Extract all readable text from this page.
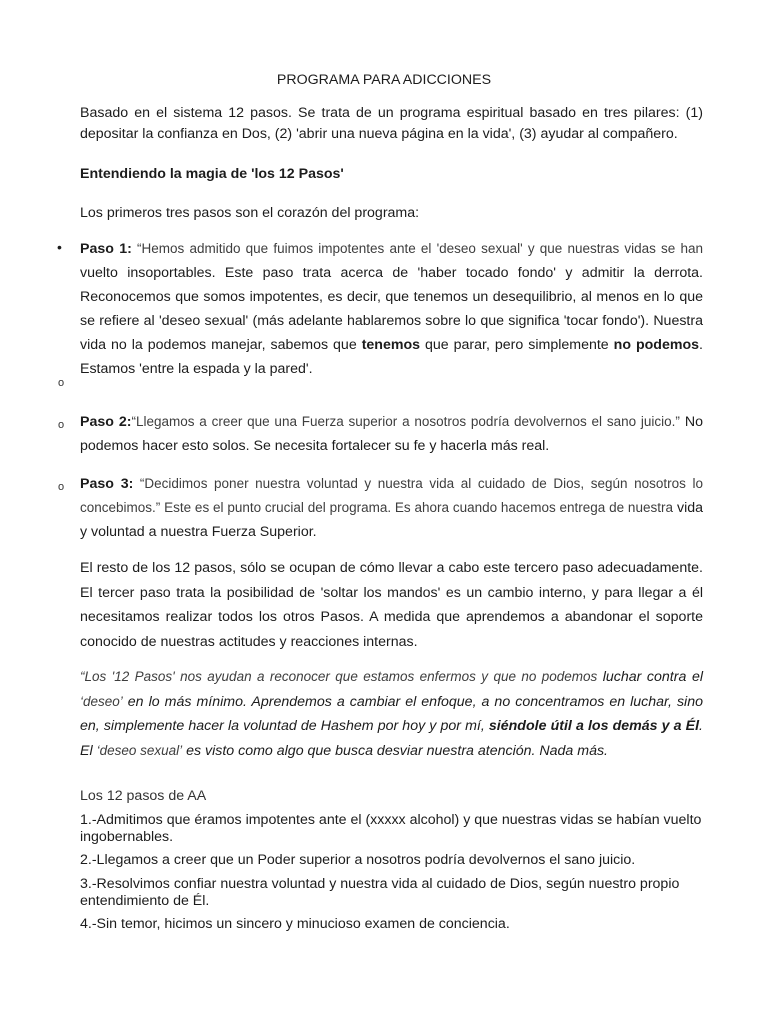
PROGRAMA PARA ADICCIONES
Basado en el sistema 12 pasos. Se trata de un programa espiritual basado en tres pilares: (1) depositar la confianza en Dos, (2) 'abrir una nueva página en la vida', (3) ayudar al compañero.
Entendiendo la magia de 'los 12 Pasos'
Los primeros tres pasos son el corazón del programa:
• Paso 1: “Hemos admitido que fuimos impotentes ante el 'deseo sexual' y que nuestras vidas se han vuelto insoportables. Este paso trata acerca de 'haber tocado fondo' y admitir la derrota. Reconocemos que somos impotentes, es decir, que tenemos un desequilibrio, al menos en lo que se refiere al 'deseo sexual' (más adelante hablaremos sobre lo que significa 'tocar fondo'). Nuestra vida no la podemos manejar, sabemos que tenemos que parar, pero simplemente no podemos. Estamos 'entre la espada y la pared'.
o
o Paso 2:“Llegamos a creer que una Fuerza superior a nosotros podría devolvernos el sano juicio.” No podemos hacer esto solos. Se necesita fortalecer su fe y hacerla más real.
o Paso 3: “Decidimos poner nuestra voluntad y nuestra vida al cuidado de Dios, según nosotros lo concebimos.” Este es el punto crucial del programa. Es ahora cuando hacemos entrega de nuestra vida y voluntad a nuestra Fuerza Superior.
El resto de los 12 pasos, sólo se ocupan de cómo llevar a cabo este tercero paso adecuadamente. El tercer paso trata la posibilidad de 'soltar los mandos' es un cambio interno, y para llegar a él necesitamos realizar todos los otros Pasos. A medida que aprendemos a abandonar el soporte conocido de nuestras actitudes y reacciones internas.
“Los '12 Pasos' nos ayudan a reconocer que estamos enfermos y que no podemos luchar contra el ‘deseo’ en lo más mínimo. Aprendemos a cambiar el enfoque, a no concentramos en luchar, sino en, simplemente hacer la voluntad de Hashem por hoy y por mí, siéndole útil a los demás y a Él. El ‘deseo sexual’ es visto como algo que busca desviar nuestra atención. Nada más.
Los 12 pasos de AA
1.-Admitimos que éramos impotentes ante el (xxxxx alcohol) y que nuestras vidas se habían vuelto ingobernables.
2.-Llegamos a creer que un Poder superior a nosotros podría devolvernos el sano juicio.
3.-Resolvimos confiar nuestra voluntad y nuestra vida al cuidado de Dios, según nuestro propio entendimiento de Él.
4.-Sin temor, hicimos un sincero y minucioso examen de conciencia.
